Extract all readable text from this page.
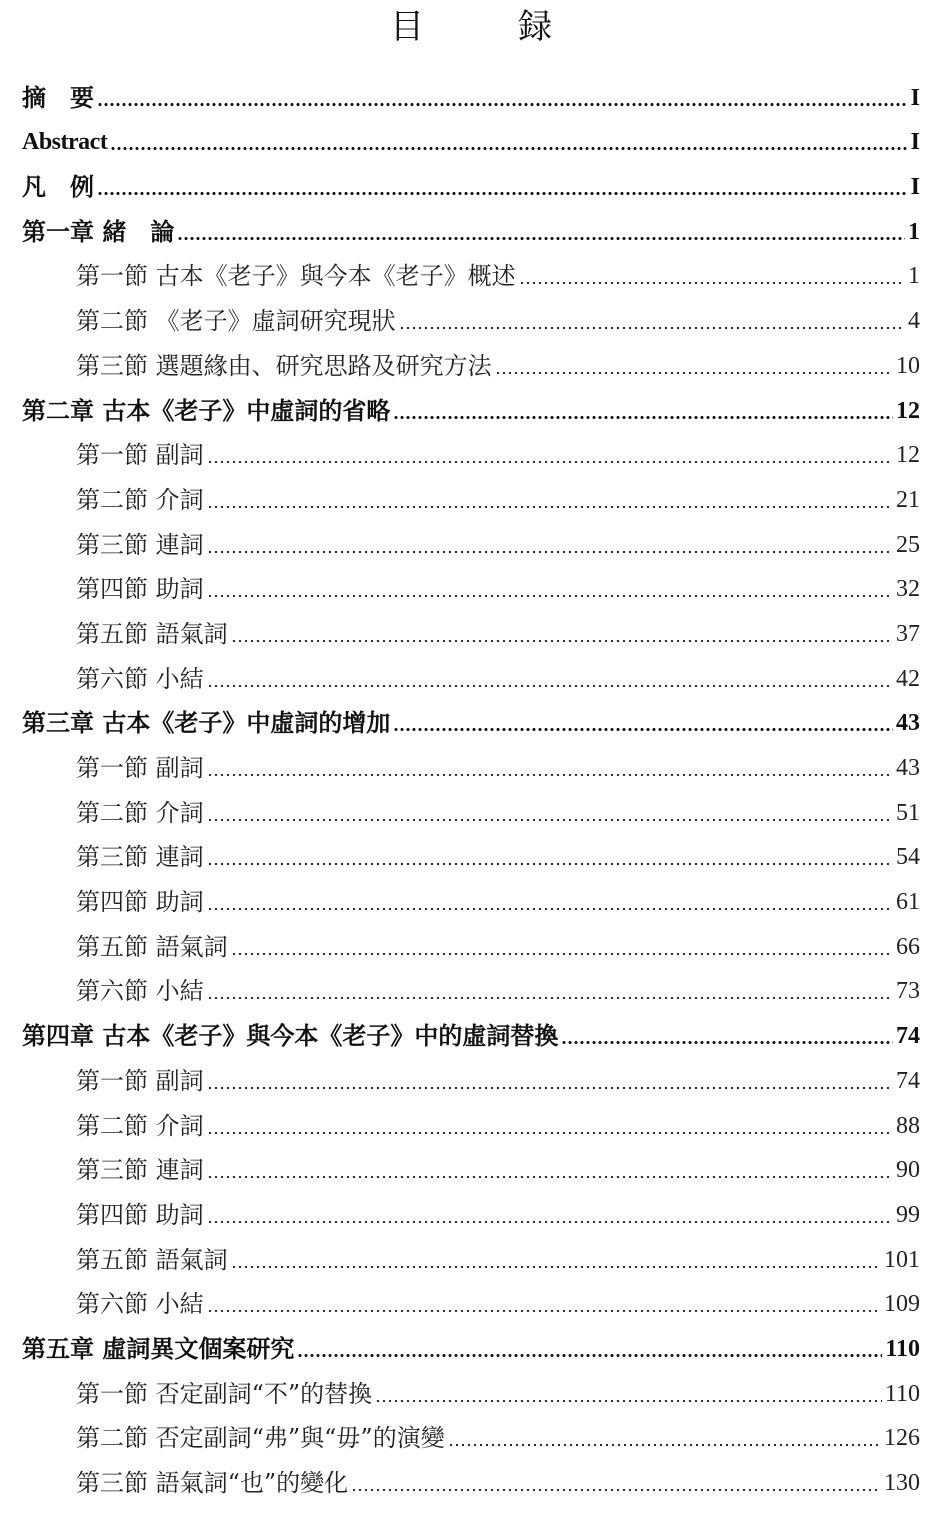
目　録
摘　要	I
Abstract	I
凡　例	I
第一章 緒　論	1
第一節 古本《老子》與今本《老子》概述	1
第二節 《老子》虛詞研究現狀	4
第三節 選題緣由、研究思路及研究方法	10
第二章 古本《老子》中虛詞的省略	12
第一節 副詞	12
第二節 介詞	21
第三節 連詞	25
第四節 助詞	32
第五節 語氣詞	37
第六節 小結	42
第三章 古本《老子》中虛詞的增加	43
第一節 副詞	43
第二節 介詞	51
第三節 連詞	54
第四節 助詞	61
第五節 語氣詞	66
第六節 小結	73
第四章 古本《老子》與今本《老子》中的虛詞替換	74
第一節 副詞	74
第二節 介詞	88
第三節 連詞	90
第四節 助詞	99
第五節 語氣詞	101
第六節 小結	109
第五章 虛詞異文個案研究	110
第一節 否定副詞“不”的替換	110
第二節 否定副詞“弗”與“毋”的演變	126
第三節 語氣詞“也”的變化	130
